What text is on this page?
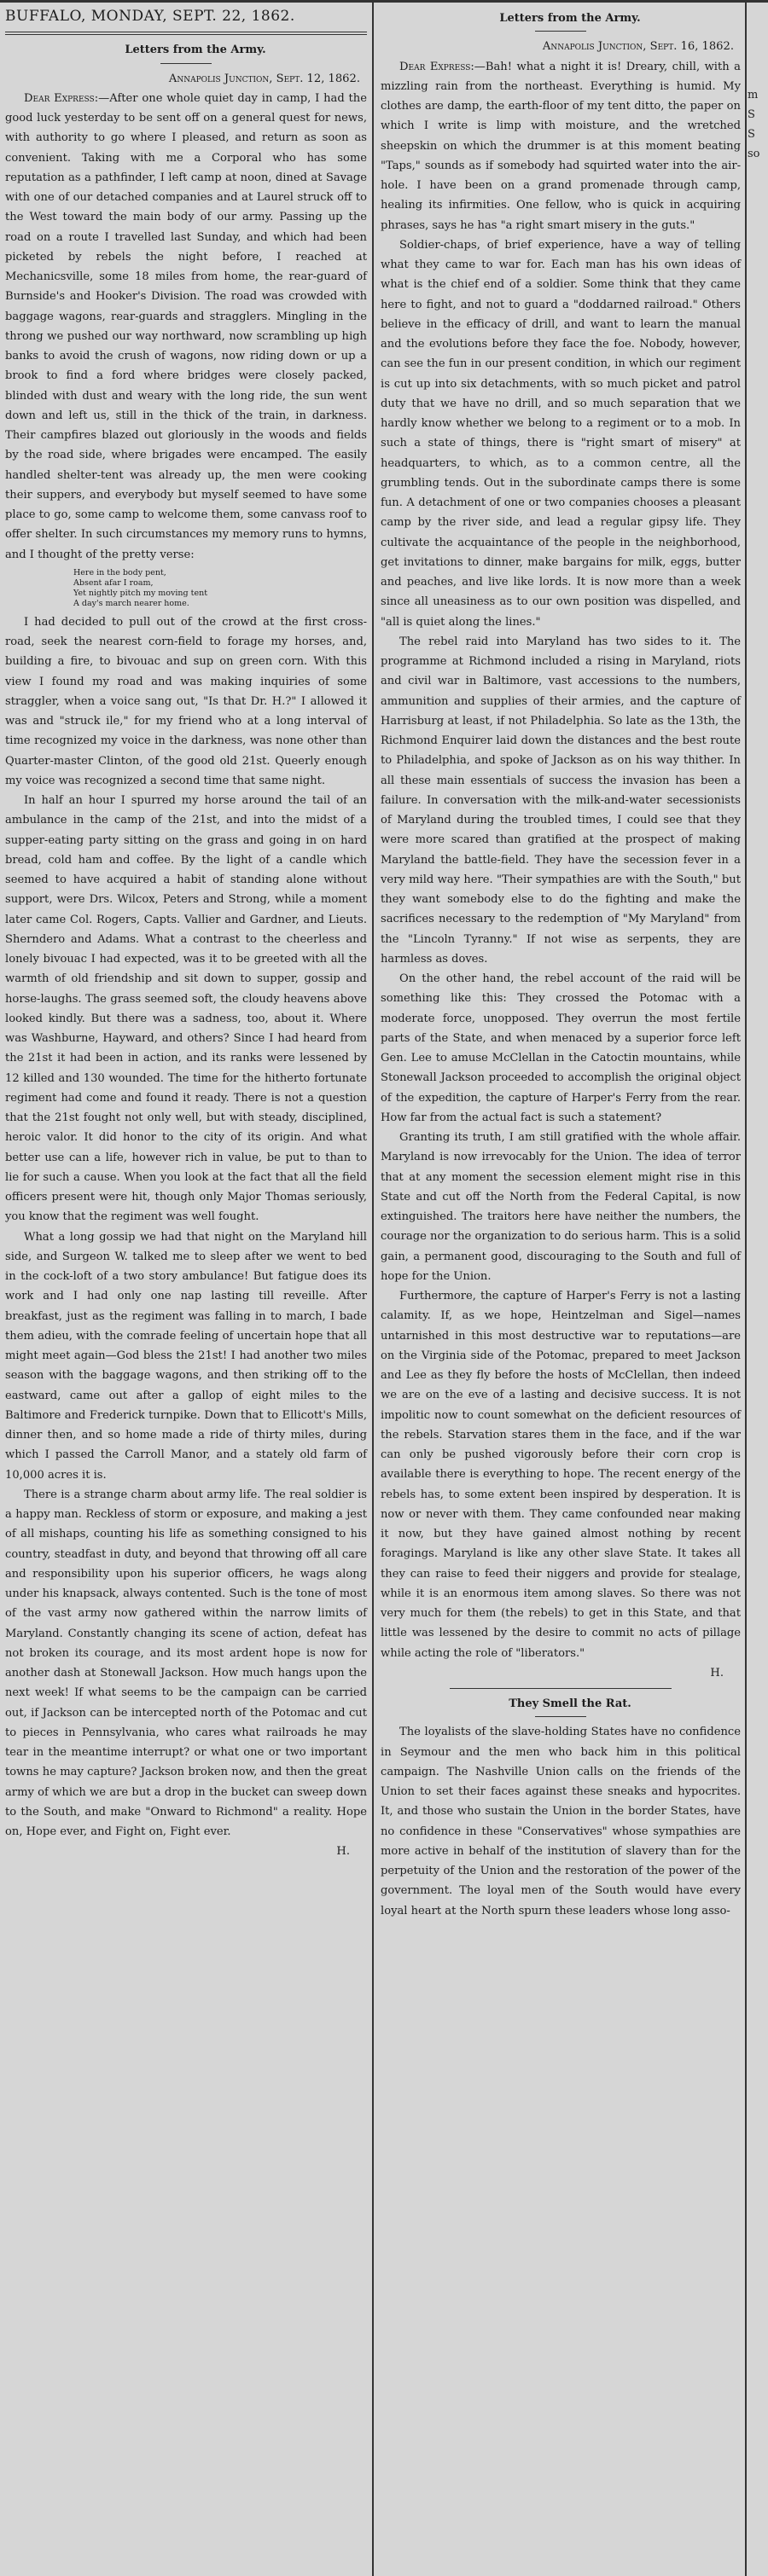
BUFFALO, MONDAY, SEPT. 22, 1862.

Letters from the Army.

Annapolis Junction, Sept. 12, 1862.

Dear Express:—After one whole quiet day in camp, I had the good luck yesterday to be sent off on a general quest for news, with authority to go where I pleased, and return as soon as convenient. Taking with me a Corporal who has some reputation as a pathfinder, I left camp at noon, dined at Savage with one of our detached companies and at Laurel struck off to the West toward the main body of our army. Passing up the road on a route I travelled last Sunday, and which had been picketed by rebels the night before, I reached at Mechanicsville, some 18 miles from home, the rear-guard of Burnside's and Hooker's Division. The road was crowded with baggage wagons, rear-guards and stragglers. Mingling in the throng we pushed our way northward, now scrambling up high banks to avoid the crush of wagons, now riding down or up a brook to find a ford where bridges were closely packed, blinded with dust and weary with the long ride, the sun went down and left us, still in the thick of the train, in darkness. Their campfires blazed out gloriously in the woods and fields by the road side, where brigades were encamped. The easily handled shelter-tent was already up, the men were cooking their suppers, and everybody but myself seemed to have some place to go, some camp to welcome them, some canvass roof to offer shelter. In such circumstances my memory runs to hymns, and I thought of the pretty verse:

Here in the body pent,
Absent afar I roam,
Yet nightly pitch my moving tent
A day's march nearer home.

I had decided to pull out of the crowd at the first cross-road, seek the nearest corn-field to forage my horses, and, building a fire, to bivouac and sup on green corn. With this view I found my road and was making inquiries of some straggler, when a voice sang out, "Is that Dr. H.?" I allowed it was and "struck ile," for my friend who at a long interval of time recognized my voice in the darkness, was none other than Quarter-master Clinton, of the good old 21st. Queerly enough my voice was recognized a second time that same night.

In half an hour I spurred my horse around the tail of an ambulance in the camp of the 21st, and into the midst of a supper-eating party sitting on the grass and going in on hard bread, cold ham and coffee. By the light of a candle which seemed to have acquired a habit of standing alone without support, were Drs. Wilcox, Peters and Strong, while a moment later came Col. Rogers, Capts. Vallier and Gardner, and Lieuts. Sherndero and Adams. What a contrast to the cheerless and lonely bivouac I had expected, was it to be greeted with all the warmth of old friendship and sit down to supper, gossip and horse-laughs. The grass seemed soft, the cloudy heavens above looked kindly. But there was a sadness, too, about it. Where was Washburne, Hayward, and others? Since I had heard from the 21st it had been in action, and its ranks were lessened by 12 killed and 130 wounded. The time for the hitherto fortunate regiment had come and found it ready. There is not a question that the 21st fought not only well, but with steady, disciplined, heroic valor. It did honor to the city of its origin. And what better use can a life, however rich in value, be put to than to lie for such a cause. When you look at the fact that all the field officers present were hit, though only Major Thomas seriously, you know that the regiment was well fought.

What a long gossip we had that night on the Maryland hill side, and Surgeon W. talked me to sleep after we went to bed in the cock-loft of a two story ambulance! But fatigue does its work and I had only one nap lasting till reveille. After breakfast, just as the regiment was falling in to march, I bade them adieu, with the comrade feeling of uncertain hope that all might meet again—God bless the 21st! I had another two miles season with the baggage wagons, and then striking off to the eastward, came out after a gallop of eight miles to the Baltimore and Frederick turnpike. Down that to Ellicott's Mills, dinner then, and so home made a ride of thirty miles, during which I passed the Carroll Manor, and a stately old farm of 10,000 acres it is.

There is a strange charm about army life. The real soldier is a happy man. Reckless of storm or exposure, and making a jest of all mishaps, counting his life as something consigned to his country, steadfast in duty, and beyond that throwing off all care and responsibility upon his superior officers, he wags along under his knapsack, always contented. Such is the tone of most of the vast army now gathered within the narrow limits of Maryland. Constantly changing its scene of action, defeat has not broken its courage, and its most ardent hope is now for another dash at Stonewall Jackson. How much hangs upon the next week! If what seems to be the campaign can be carried out, if Jackson can be intercepted north of the Potomac and cut to pieces in Pennsylvania, who cares what railroads he may tear in the meantime interrupt? or what one or two important towns he may capture? Jackson broken now, and then the great army of which we are but a drop in the bucket can sweep down to the South, and make "Onward to Richmond" a reality. Hope on, Hope ever, and Fight on, Fight ever.

H.

Letters from the Army.

Annapolis Junction, Sept. 16, 1862.

Dear Express:—Bah! what a night it is! Dreary, chill, with a mizzling rain from the northeast. Everything is humid. My clothes are damp, the earth-floor of my tent ditto, the paper on which I write is limp with moisture, and the wretched sheepskin on which the drummer is at this moment beating "Taps," sounds as if somebody had squirted water into the air-hole. I have been on a grand promenade through camp, healing its infirmities. One fellow, who is quick in acquiring phrases, says he has "a right smart misery in the guts."

Soldier-chaps, of brief experience, have a way of telling what they came to war for. Each man has his own ideas of what is the chief end of a soldier. Some think that they came here to fight, and not to guard a "doddarned railroad." Others believe in the efficacy of drill, and want to learn the manual and the evolutions before they face the foe. Nobody, however, can see the fun in our present condition, in which our regiment is cut up into six detachments, with so much picket and patrol duty that we have no drill, and so much separation that we hardly know whether we belong to a regiment or to a mob. In such a state of things, there is "right smart of misery" at headquarters, to which, as to a common centre, all the grumbling tends. Out in the subordinate camps there is some fun. A detachment of one or two companies chooses a pleasant camp by the river side, and lead a regular gipsy life. They cultivate the acquaintance of the people in the neighborhood, get invitations to dinner, make bargains for milk, eggs, butter and peaches, and live like lords. It is now more than a week since all uneasiness as to our own position was dispelled, and "all is quiet along the lines."

The rebel raid into Maryland has two sides to it. The programme at Richmond included a rising in Maryland, riots and civil war in Baltimore, vast accessions to the numbers, ammunition and supplies of their armies, and the capture of Harrisburg at least, if not Philadelphia. So late as the 13th, the Richmond Enquirer laid down the distances and the best route to Philadelphia, and spoke of Jackson as on his way thither. In all these main essentials of success the invasion has been a failure. In conversation with the milk-and-water secessionists of Maryland during the troubled times, I could see that they were more scared than gratified at the prospect of making Maryland the battle-field. They have the secession fever in a very mild way here. "Their sympathies are with the South," but they want somebody else to do the fighting and make the sacrifices necessary to the redemption of "My Maryland" from the "Lincoln Tyranny." If not wise as serpents, they are harmless as doves.

On the other hand, the rebel account of the raid will be something like this: They crossed the Potomac with a moderate force, unopposed. They overrun the most fertile parts of the State, and when menaced by a superior force left Gen. Lee to amuse McClellan in the Catoctin mountains, while Stonewall Jackson proceeded to accomplish the original object of the expedition, the capture of Harper's Ferry from the rear. How far from the actual fact is such a statement?

Granting its truth, I am still gratified with the whole affair. Maryland is now irrevocably for the Union. The idea of terror that at any moment the secession element might rise in this State and cut off the North from the Federal Capital, is now extinguished. The traitors here have neither the numbers, the courage nor the organization to do serious harm. This is a solid gain, a permanent good, discouraging to the South and full of hope for the Union.

Furthermore, the capture of Harper's Ferry is not a lasting calamity. If, as we hope, Heintzelman and Sigel—names untarnished in this most destructive war to reputations—are on the Virginia side of the Potomac, prepared to meet Jackson and Lee as they fly before the hosts of McClellan, then indeed we are on the eve of a lasting and decisive success. It is not impolitic now to count somewhat on the deficient resources of the rebels. Starvation stares them in the face, and if the war can only be pushed vigorously before their corn crop is available there is everything to hope. The recent energy of the rebels has, to some extent been inspired by desperation. It is now or never with them. They came confounded near making it now, but they have gained almost nothing by recent foragings. Maryland is like any other slave State. It takes all they can raise to feed their niggers and provide for stealage, while it is an enormous item among slaves. So there was not very much for them (the rebels) to get in this State, and that little was lessened by the desire to commit no acts of pillage while acting the role of "liberators."

H.

They Smell the Rat.

The loyalists of the slave-holding States have no confidence in Seymour and the men who back him in this political campaign. The Nashville Union calls on the friends of the Union to set their faces against these sneaks and hypocrites. It, and those who sustain the Union in the border States, have no confidence in these "Conservatives" whose sympathies are more active in behalf of the institution of slavery than for the perpetuity of the Union and the restoration of the power of the government. The loyal men of the South would have every loyal heart at the North spurn these leaders whose long asso-

m
S
S
so
